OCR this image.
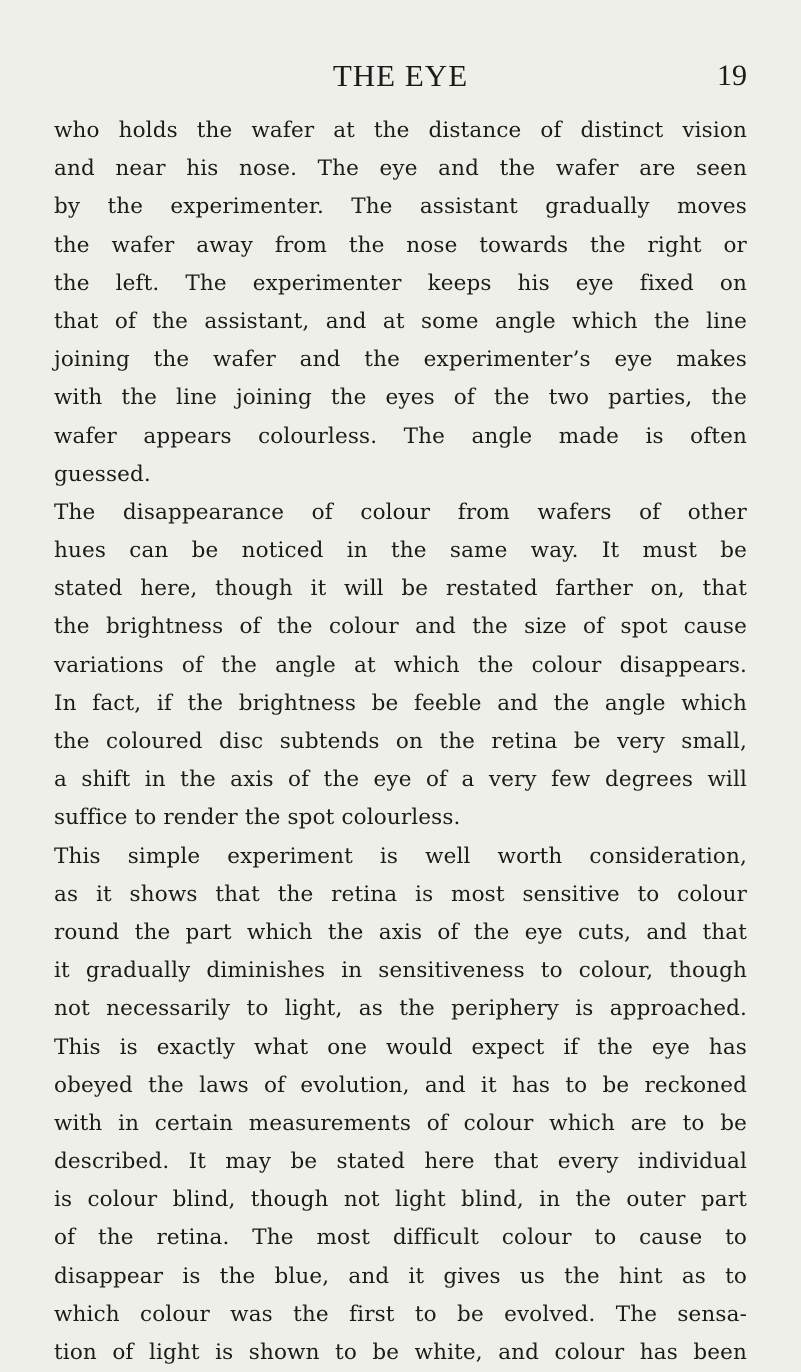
THE EYE	19
who holds the wafer at the distance of distinct vision
and near his nose. The eye and the wafer are seen
by the experimenter. The assistant gradually moves
the wafer away from the nose towards the right or
the left. The experimenter keeps his eye fixed on
that of the assistant, and at some angle which the line
joining the wafer and the experimenter’s eye makes
with the line joining the eyes of the two parties, the
wafer appears colourless. The angle made is often
guessed.
The disappearance of colour from wafers of other
hues can be noticed in the same way. It must be
stated here, though it will be restated farther on, that
the brightness of the colour and the size of spot cause
variations of the angle at which the colour disappears.
In fact, if the brightness be feeble and the angle which
the coloured disc subtends on the retina be very small,
a shift in the axis of the eye of a very few degrees will
suffice to render the spot colourless.
This simple experiment is well worth consideration,
as it shows that the retina is most sensitive to colour
round the part which the axis of the eye cuts, and that
it gradually diminishes in sensitiveness to colour, though
not necessarily to light, as the periphery is approached.
This is exactly what one would expect if the eye has
obeyed the laws of evolution, and it has to be reckoned
with in certain measurements of colour which are to be
described. It may be stated here that every individual
is colour blind, though not light blind, in the outer part
of the retina. The most difficult colour to cause to
disappear is the blue, and it gives us the hint as to
which colour was the first to be evolved. The sensa-
tion of light is shown to be white, and colour has been
